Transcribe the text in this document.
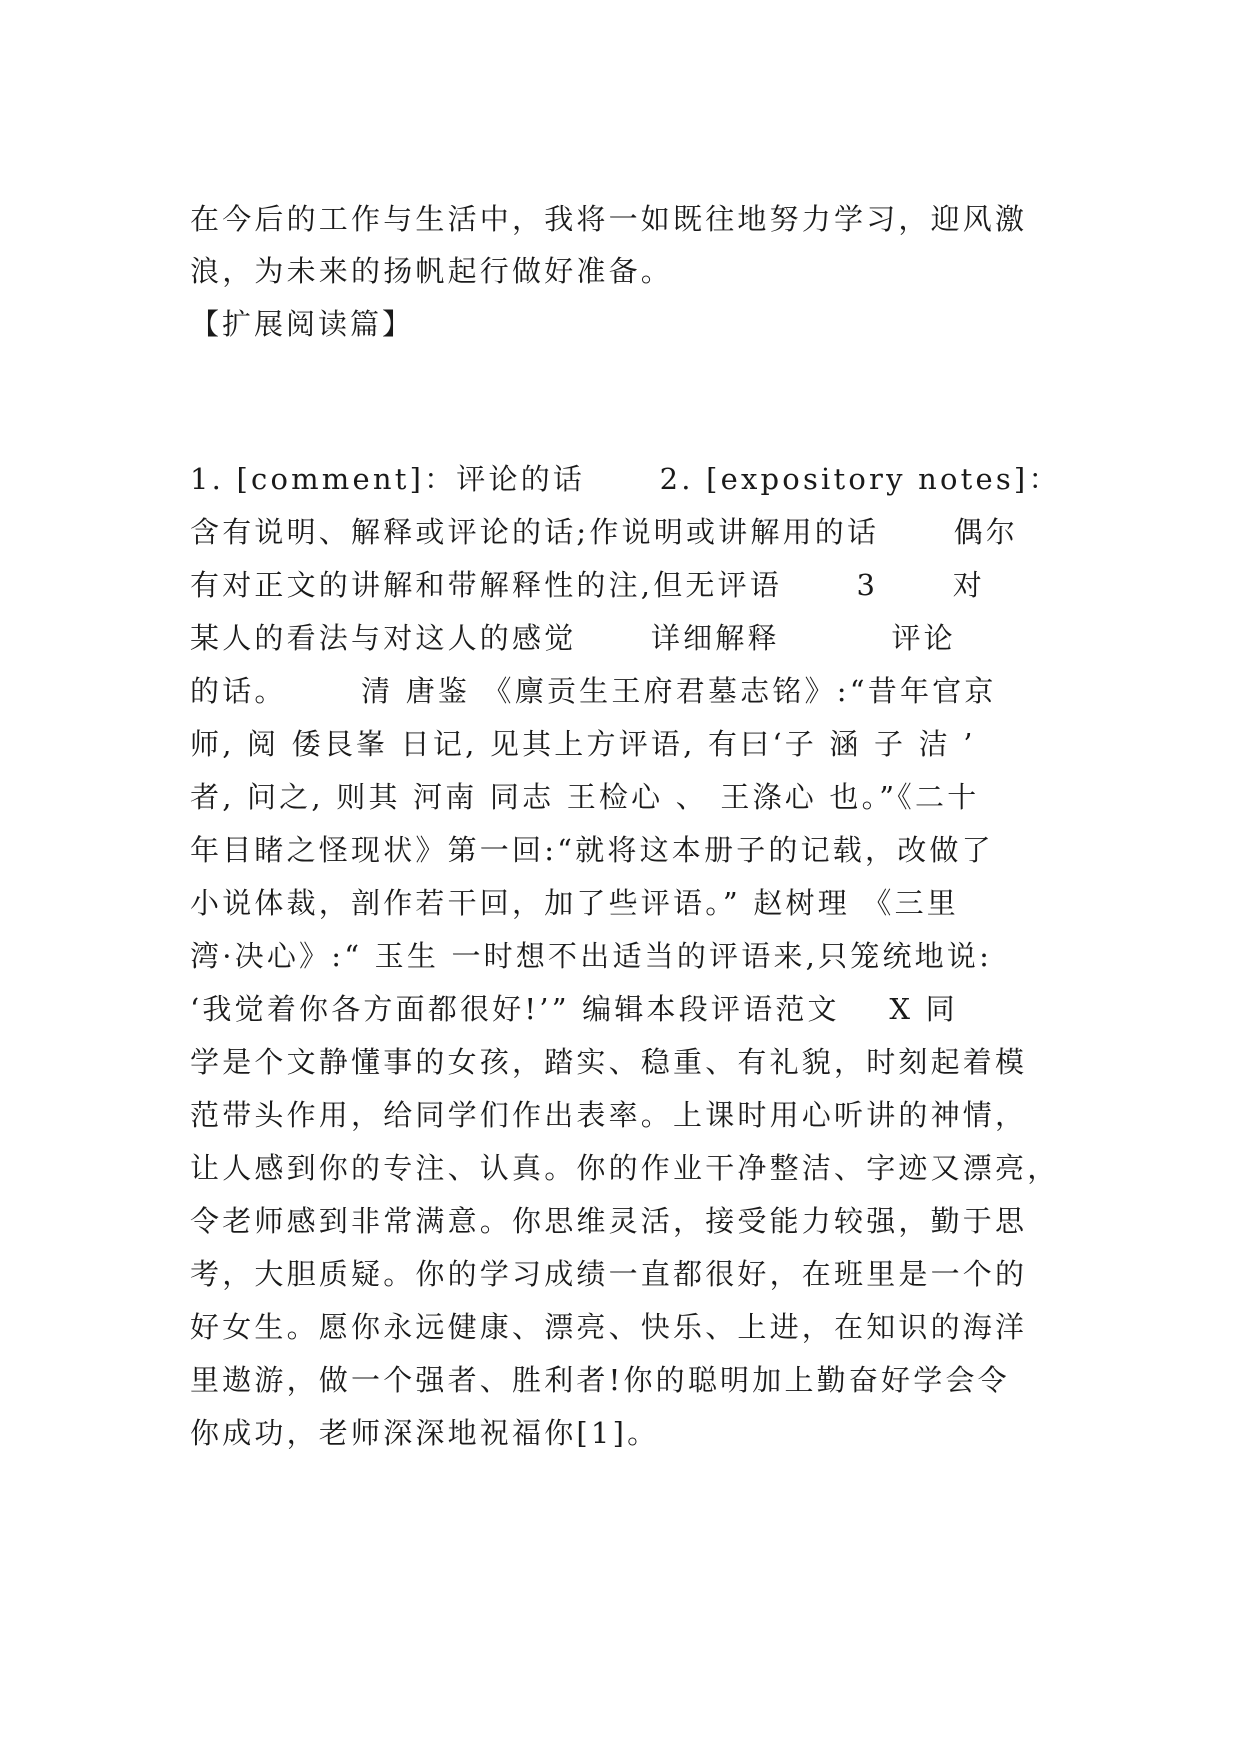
在今后的工作与生活中，我将一如既往地努力学习，迎风激
浪，为未来的扬帆起行做好准备。
【扩展阅读篇】
1. [comment]：评论的话      2. [expository notes]：
含有说明、解释或评论的话;作说明或讲解用的话      偶尔
有对正文的讲解和带解释性的注,但无评语      3      对
某人的看法与对这人的感觉      详细解释         评论
的话。      清 唐鉴 《廪贡生王府君墓志铭》:“昔年官京
师, 阅 倭艮峯 日记, 见其上方评语, 有曰‘子 涵 子 洁 ’
者, 问之, 则其 河南 同志 王检心 、 王涤心 也。”《二十
年目睹之怪现状》第一回:“就将这本册子的记载，改做了
小说体裁，剖作若干回，加了些评语。” 赵树理 《三里
湾·决心》:“ 玉生 一时想不出适当的评语来,只笼统地说:
‘我觉着你各方面都很好!’” 编辑本段评语范文    X 同
学是个文静懂事的女孩，踏实、稳重、有礼貌，时刻起着模
范带头作用，给同学们作出表率。上课时用心听讲的神情，
让人感到你的专注、认真。你的作业干净整洁、字迹又漂亮，
令老师感到非常满意。你思维灵活，接受能力较强，勤于思
考，大胆质疑。你的学习成绩一直都很好，在班里是一个的
好女生。愿你永远健康、漂亮、快乐、上进，在知识的海洋
里遨游，做一个强者、胜利者!你的聪明加上勤奋好学会令
你成功，老师深深地祝福你[1]。
